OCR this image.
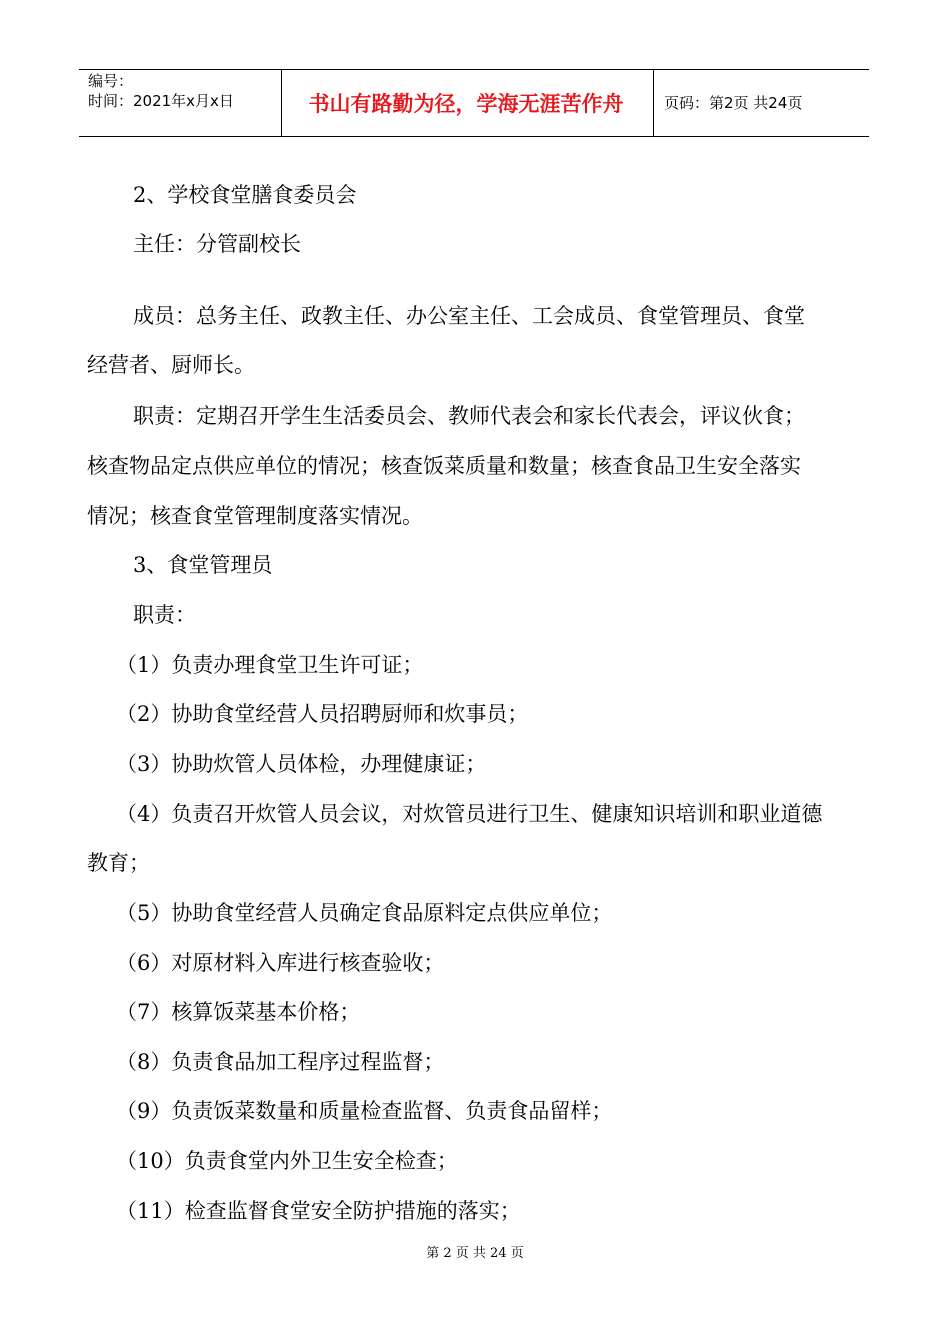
编号：
时间：2021年x月x日	书山有路勤为径，学海无涯苦作舟	页码：第2页 共24页
2、学校食堂膳食委员会
主任：分管副校长
成员：总务主任、政教主任、办公室主任、工会成员、食堂管理员、食堂
经营者、厨师长。
职责：定期召开学生生活委员会、教师代表会和家长代表会，评议伙食；
核查物品定点供应单位的情况；核查饭菜质量和数量；核查食品卫生安全落实
情况；核查食堂管理制度落实情况。
3、食堂管理员
职责：
（1）负责办理食堂卫生许可证；
（2）协助食堂经营人员招聘厨师和炊事员；
（3）协助炊管人员体检，办理健康证；
（4）负责召开炊管人员会议，对炊管员进行卫生、健康知识培训和职业道德
教育；
（5）协助食堂经营人员确定食品原料定点供应单位；
（6）对原材料入库进行核查验收；
（7）核算饭菜基本价格；
（8）负责食品加工程序过程监督；
（9）负责饭菜数量和质量检查监督、负责食品留样；
（10）负责食堂内外卫生安全检查；
（11）检查监督食堂安全防护措施的落实；
第 2 页 共 24 页
